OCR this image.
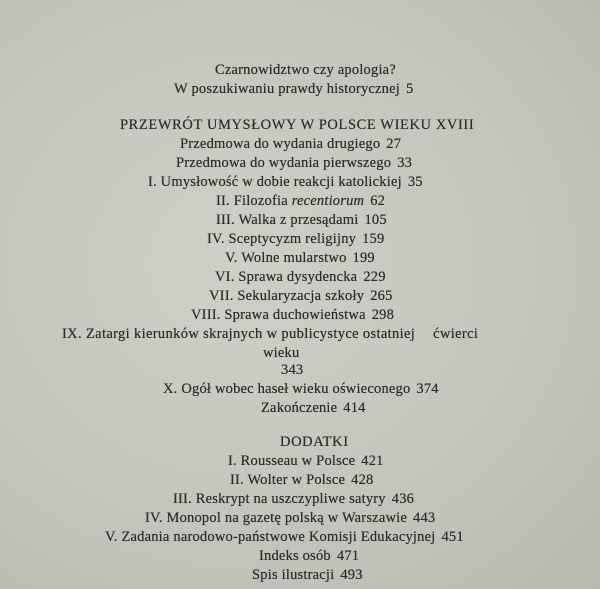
Czarnowidztwo czy apologia?
W poszukiwaniu prawdy historycznej 5
PRZEWRÓT UMYSŁOWY W POLSCE WIEKU XVIII
Przedmowa do wydania drugiego 27
Przedmowa do wydania pierwszego 33
I. Umysłowość w dobie reakcji katolickiej 35
II. Filozofia recentiorum 62
III. Walka z przesądami 105
IV. Sceptycyzm religijny 159
V. Wolne mularstwo 199
VI. Sprawa dysydencka 229
VII. Sekularyzacja szkoły 265
VIII. Sprawa duchowieństwa 298
IX. Zatargi kierunków skrajnych w publicystyce ostatniej ćwierci
wieku
343
X. Ogół wobec haseł wieku oświeconego 374
Zakończenie 414
DODATKI
I. Rousseau w Polsce 421
II. Wolter w Polsce 428
III. Reskrypt na uszczypliwe satyry 436
IV. Monopol na gazetę polską w Warszawie 443
V. Zadania narodowo-państwowe Komisji Edukacyjnej 451
Indeks osób 471
Spis ilustracji 493
